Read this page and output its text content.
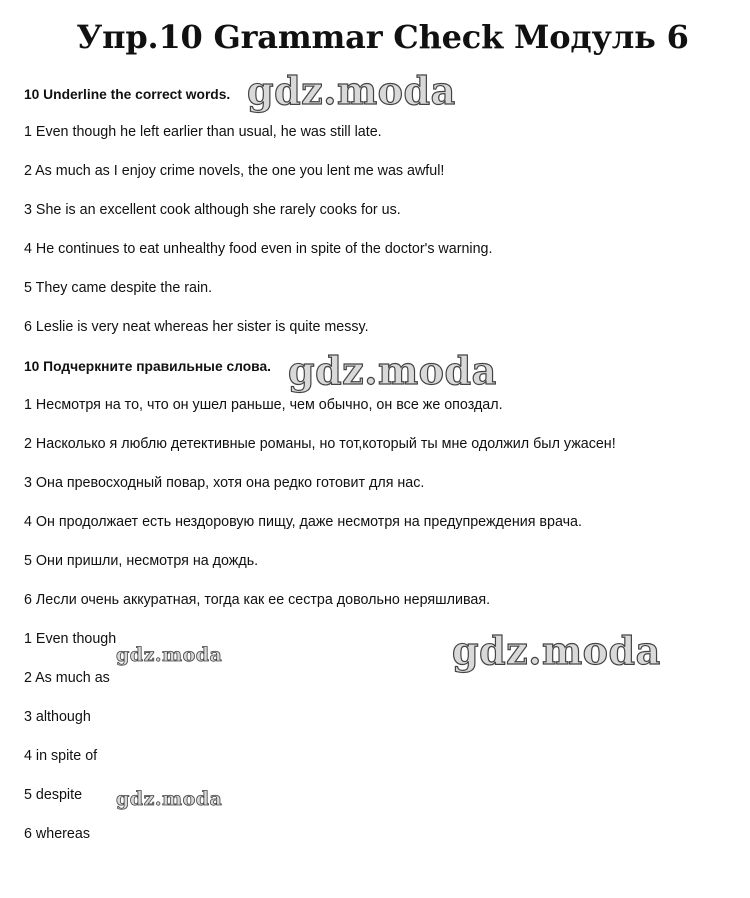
Упр.10 Grammar Check Модуль 6
10 Underline the correct words.
1 Even though he left earlier than usual, he was still late.
2 As much as I enjoy crime novels, the one you lent me was awful!
3 She is an excellent cook although she rarely cooks for us.
4 He continues to eat unhealthy food even in spite of the doctor's warning.
5 They came despite the rain.
6 Leslie is very neat whereas her sister is quite messy.
10 Подчеркните правильные слова.
1 Несмотря на то, что он ушел раньше, чем обычно, он все же опоздал.
2 Насколько я люблю детективные романы, но тот,который ты мне одолжил был ужасен!
3 Она превосходный повар, хотя она редко готовит для нас.
4 Он продолжает есть нездоровую пищу, даже несмотря на предупреждения врача.
5 Они пришли, несмотря на дождь.
6 Лесли очень аккуратная, тогда как ее сестра довольно неряшливая.
1 Even though
2 As much as
3 although
4 in spite of
5 despite
6 whereas
gdz.moda
gdz.moda
gdz.moda
gdz.moda
gdz.moda
